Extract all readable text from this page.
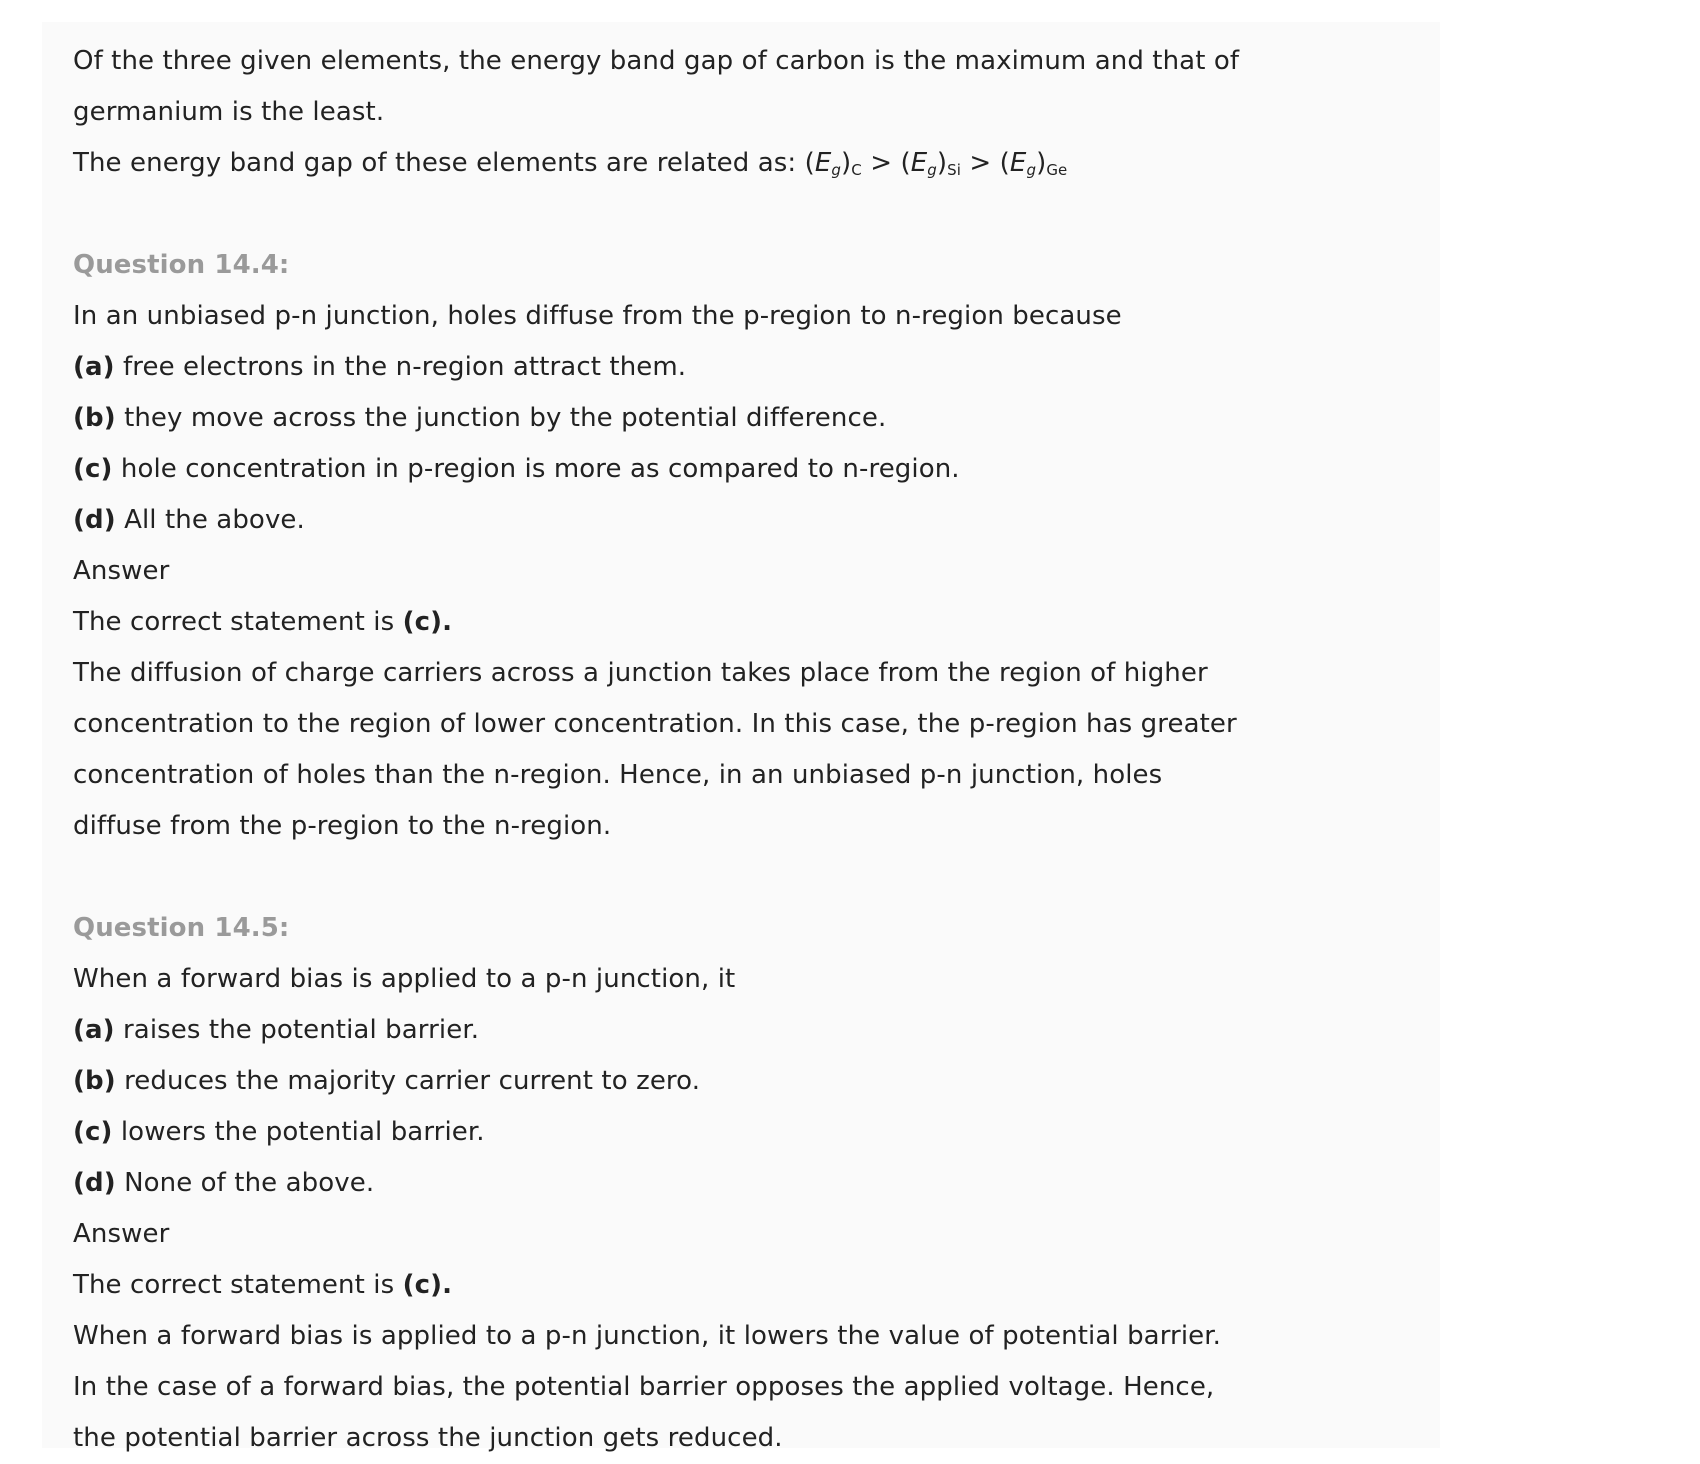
Of the three given elements, the energy band gap of carbon is the maximum and that of
germanium is the least.
The energy band gap of these elements are related as: $(E_g)_C > (E_g)_{Si} > (E_g)_{Ge}$
Question 14.4:
In an unbiased p-n junction, holes diffuse from the p-region to n-region because
(a) free electrons in the n-region attract them.
(b) they move across the junction by the potential difference.
(c) hole concentration in p-region is more as compared to n-region.
(d) All the above.
Answer
The correct statement is (c).
The diffusion of charge carriers across a junction takes place from the region of higher
concentration to the region of lower concentration. In this case, the p-region has greater
concentration of holes than the n-region. Hence, in an unbiased p-n junction, holes
diffuse from the p-region to the n-region.
Question 14.5:
When a forward bias is applied to a p-n junction, it
(a) raises the potential barrier.
(b) reduces the majority carrier current to zero.
(c) lowers the potential barrier.
(d) None of the above.
Answer
The correct statement is (c).
When a forward bias is applied to a p-n junction, it lowers the value of potential barrier.
In the case of a forward bias, the potential barrier opposes the applied voltage. Hence,
the potential barrier across the junction gets reduced.
